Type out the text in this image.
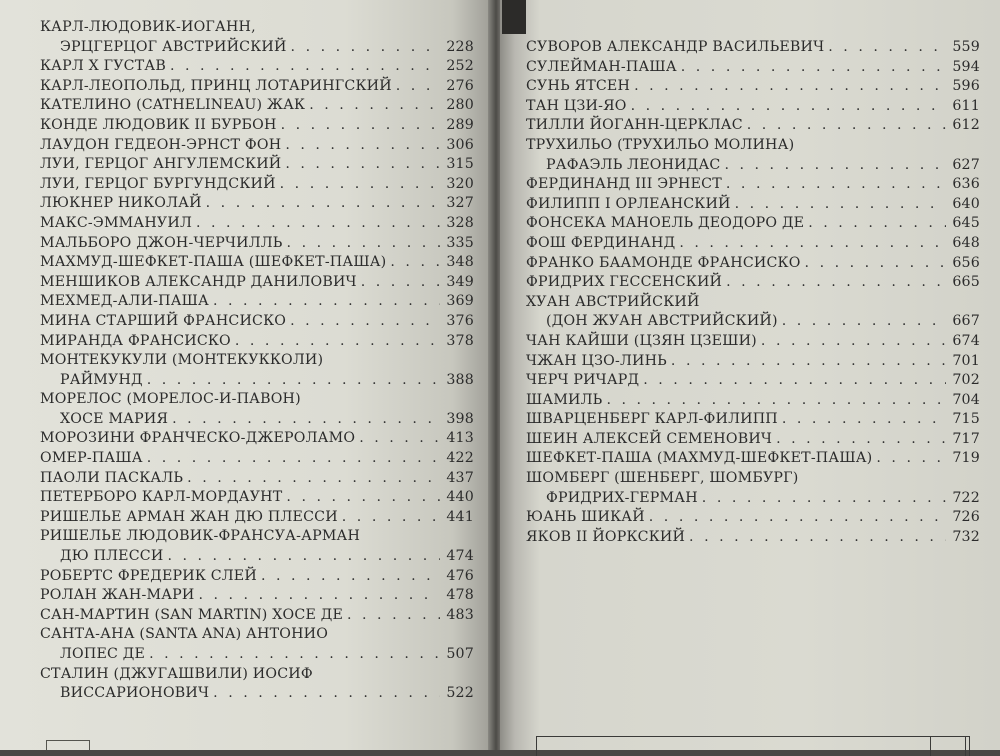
КАРЛ-ЛЮДОВИК-ИОГАНН,
ЭРЦГЕРЦОГ АВСТРИЙСКИЙ . . .	228
КАРЛ X ГУСТАВ . . .	252
КАРЛ-ЛЕОПОЛЬД, ПРИНЦ ЛОТАРИНГСКИЙ . . .	276
КАТЕЛИНО (CATHELINEAU) ЖАК . . .	280
КОНДЕ ЛЮДОВИК II БУРБОН . . .	289
ЛАУДОН ГЕДЕОН-ЭРНСТ ФОН . . .	306
ЛУИ, ГЕРЦОГ АНГУЛЕМСКИЙ . . .	315
ЛУИ, ГЕРЦОГ БУРГУНДСКИЙ . . .	320
ЛЮКНЕР НИКОЛАЙ . . .	327
МАКС-ЭММАНУИЛ . . .	328
МАЛЬБОРО ДЖОН-ЧЕРЧИЛЛЬ . . .	335
МАХМУД-ШЕФКЕТ-ПАША (ШЕФКЕТ-ПАША) . . .	348
МЕНШИКОВ АЛЕКСАНДР ДАНИЛОВИЧ . . .	349
МЕХМЕД-АЛИ-ПАША . . .	369
МИНА СТАРШИЙ ФРАНСИСКО . . .	376
МИРАНДА ФРАНСИСКО . . .	378
МОНТЕКУКУЛИ (МОНТЕКУККОЛИ)
РАЙМУНД . . .	388
МОРЕЛОС (МОРЕЛОС-И-ПАВОН)
ХОСЕ МАРИЯ . . .	398
МОРОЗИНИ ФРАНЧЕСКО-ДЖЕРОЛАМО . . .	413
ОМЕР-ПАША . . .	422
ПАОЛИ ПАСКАЛЬ . . .	437
ПЕТЕРБОРО КАРЛ-МОРДАУНТ . . .	440
РИШЕЛЬЕ АРМАН ЖАН ДЮ ПЛЕССИ . . .	441
РИШЕЛЬЕ ЛЮДОВИК-ФРАНСУА-АРМАН
ДЮ ПЛЕССИ . . .	474
РОБЕРТС ФРЕДЕРИК СЛЕЙ . . .	476
РОЛАН ЖАН-МАРИ . . .	478
САН-МАРТИН (SAN MARTIN) ХОСЕ ДЕ . . .	483
САНТА-АНА (SANTA ANA) АНТОНИО
ЛОПЕС ДЕ . . .	507
СТАЛИН (ДЖУГАШВИЛИ) ИОСИФ
ВИССАРИОНОВИЧ . . .	522
СУВОРОВ АЛЕКСАНДР ВАСИЛЬЕВИЧ . . .	559
СУЛЕЙМАН-ПАША . . .	594
СУНЬ ЯТСЕН . . .	596
ТАН ЦЗИ-ЯО . . .	611
ТИЛЛИ ЙОГАНН-ЦЕРКЛАС . . .	612
ТРУХИЛЬО (ТРУХИЛЬО МОЛИНА)
РАФАЭЛЬ ЛЕОНИДАС . . .	627
ФЕРДИНАНД III ЭРНЕСТ . . .	636
ФИЛИПП I ОРЛЕАНСКИЙ . . .	640
ФОНСЕКА МАНОЕЛЬ ДЕОДОРО ДЕ . . .	645
ФОШ ФЕРДИНАНД . . .	648
ФРАНКО БААМОНДЕ ФРАНСИСКО . . .	656
ФРИДРИХ ГЕССЕНСКИЙ . . .	665
ХУАН АВСТРИЙСКИЙ
(ДОН ЖУАН АВСТРИЙСКИЙ) . . .	667
ЧАН КАЙШИ (ЦЗЯН ЦЗЕШИ) . . .	674
ЧЖАН ЦЗО-ЛИНЬ . . .	701
ЧЕРЧ РИЧАРД . . .	702
ШАМИЛЬ . . .	704
ШВАРЦЕНБЕРГ КАРЛ-ФИЛИПП . . .	715
ШЕИН АЛЕКСЕЙ СЕМЕНОВИЧ . . .	717
ШЕФКЕТ-ПАША (МАХМУД-ШЕФКЕТ-ПАША) . . .	719
ШОМБЕРГ (ШЕНБЕРГ, ШОМБУРГ)
ФРИДРИХ-ГЕРМАН . . .	722
ЮАНЬ ШИКАЙ . . .	726
ЯКОВ II ЙОРКСКИЙ . . .	732
